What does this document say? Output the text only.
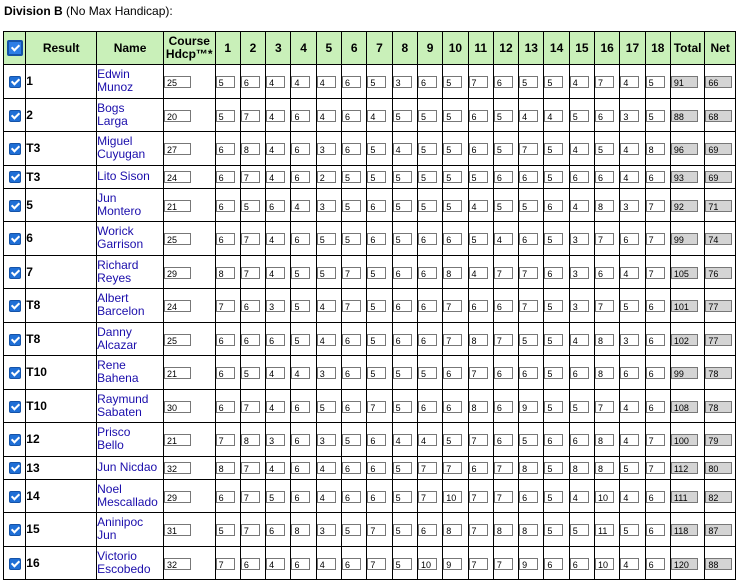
Division B (No Max Handicap):
	Result	Name	Course
Hdcp™*	1	2	3	4	5	6	7	8	9	10	11	12	13	14	15	16	17	18	Total	Net
	1	Edwin
Munoz	25	5	6	4	4	4	6	5	3	6	5	7	6	5	5	4	7	4	5	91	66
	2	Bogs
Larga	20	5	7	4	6	4	6	4	5	5	5	6	5	4	4	5	6	3	5	88	68
	T3	Miguel
Cuyugan	27	6	8	4	6	3	6	5	4	5	5	6	5	7	5	4	5	4	8	96	69
	T3	Lito Sison	24	6	7	4	6	2	5	5	5	5	5	5	6	6	5	6	6	4	6	93	69
	5	Jun
Montero	21	6	5	6	4	3	5	6	5	5	5	4	5	5	6	4	8	3	7	92	71
	6	Worick
Garrison	25	6	7	4	6	5	5	6	5	6	6	5	4	6	5	3	7	6	7	99	74
	7	Richard
Reyes	29	8	7	4	5	5	7	5	6	6	8	4	7	7	6	3	6	4	7	105	76
	T8	Albert
Barcelon	24	7	6	3	5	4	7	5	6	6	7	6	6	7	5	3	7	5	6	101	77
	T8	Danny
Alcazar	25	6	6	6	5	4	6	5	6	6	7	8	7	5	5	4	8	3	6	102	77
	T10	Rene
Bahena	21	6	5	4	4	3	6	5	5	5	6	7	6	6	5	6	8	6	6	99	78
	T10	Raymund
Sabaten	30	6	7	4	6	5	6	7	5	6	6	8	6	9	5	5	7	4	6	108	78
	12	Prisco
Bello	21	7	8	3	6	3	5	6	4	4	5	7	6	5	6	6	8	4	7	100	79
	13	Jun Nicdao	32	8	7	4	6	4	6	6	5	7	7	6	7	8	5	8	8	5	7	112	80
	14	Noel
Mescallado	29	6	7	5	6	4	6	6	5	7	10	7	7	6	5	4	10	4	6	111	82
	15	Aninipoc
Jun	31	5	7	6	8	3	5	7	5	6	8	7	8	8	5	5	11	5	6	118	87
	16	Victorio
Escobedo	32	7	6	4	6	4	6	7	5	10	9	7	7	9	6	6	10	4	6	120	88
